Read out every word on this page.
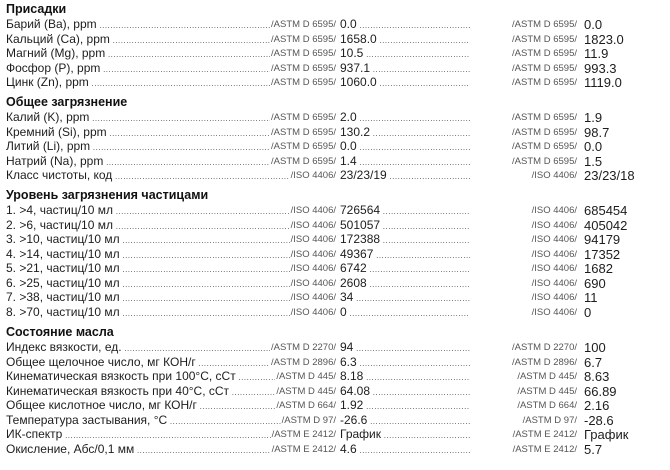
Присадки
Барий (Ba), ppm .....	/ASTM D 6595/ 0.0 .....	/ASTM D 6595/ 0.0
Кальций (Ca), ppm .....	/ASTM D 6595/ 1658.0 .....	/ASTM D 6595/ 1823.0
Магний (Mg), ppm .....	/ASTM D 6595/ 10.5 .....	/ASTM D 6595/ 11.9
Фосфор (P), ppm .....	/ASTM D 6595/ 937.1 .....	/ASTM D 6595/ 993.3
Цинк (Zn), ppm .....	/ASTM D 6595/ 1060.0 .....	/ASTM D 6595/ 1119.0
Общее загрязнение
Калий (K), ppm .....	/ASTM D 6595/ 2.0 .....	/ASTM D 6595/ 1.9
Кремний (Si), ppm .....	/ASTM D 6595/ 130.2 .....	/ASTM D 6595/ 98.7
Литий (Li), ppm .....	/ASTM D 6595/ 0.0 .....	/ASTM D 6595/ 0.0
Натрий (Na), ppm .....	/ASTM D 6595/ 1.4 .....	/ASTM D 6595/ 1.5
Класс чистоты, код .....	/ISO 4406/ 23/23/19 .....	/ISO 4406/ 23/23/18
Уровень загрязнения частицами
1. >4, частиц/10 мл .....	/ISO 4406/ 726564 .....	/ISO 4406/ 685454
2. >6, частиц/10 мл .....	/ISO 4406/ 501057 .....	/ISO 4406/ 405042
3. >10, частиц/10 мл .....	/ISO 4406/ 172388 .....	/ISO 4406/ 94179
4. >14, частиц/10 мл .....	/ISO 4406/ 49367 .....	/ISO 4406/ 17352
5. >21, частиц/10 мл .....	/ISO 4406/ 6742 .....	/ISO 4406/ 1682
6. >25, частиц/10 мл .....	/ISO 4406/ 2608 .....	/ISO 4406/ 690
7. >38, частиц/10 мл .....	/ISO 4406/ 34 .....	/ISO 4406/ 11
8. >70, частиц/10 мл .....	/ISO 4406/ 0 .....	/ISO 4406/ 0
Состояние масла
Индекс вязкости, ед. .....	/ASTM D 2270/ 94 .....	/ASTM D 2270/ 100
Общее щелочное число, мг КОН/г .....	/ASTM D 2896/ 6.3 .....	/ASTM D 2896/ 6.7
Кинематическая вязкость при 100°С, сСт .....	/ASTM D 445/ 8.18 .....	/ASTM D 445/ 8.63
Кинематическая вязкость при 40°С, сСт .....	/ASTM D 445/ 64.08 .....	/ASTM D 445/ 66.89
Общее кислотное число, мг КОН/г .....	/ASTM D 664/ 1.92 .....	/ASTM D 664/ 2.16
Температура застывания, °С .....	/ASTM D 97/ -26.6 .....	/ASTM D 97/ -28.6
ИК-спектр .....	/ASTM E 2412/ График .....	/ASTM E 2412/ График
Окисление, Абс/0,1 мм .....	/ASTM E 2412/ 4.6 .....	/ASTM E 2412/ 5.7
